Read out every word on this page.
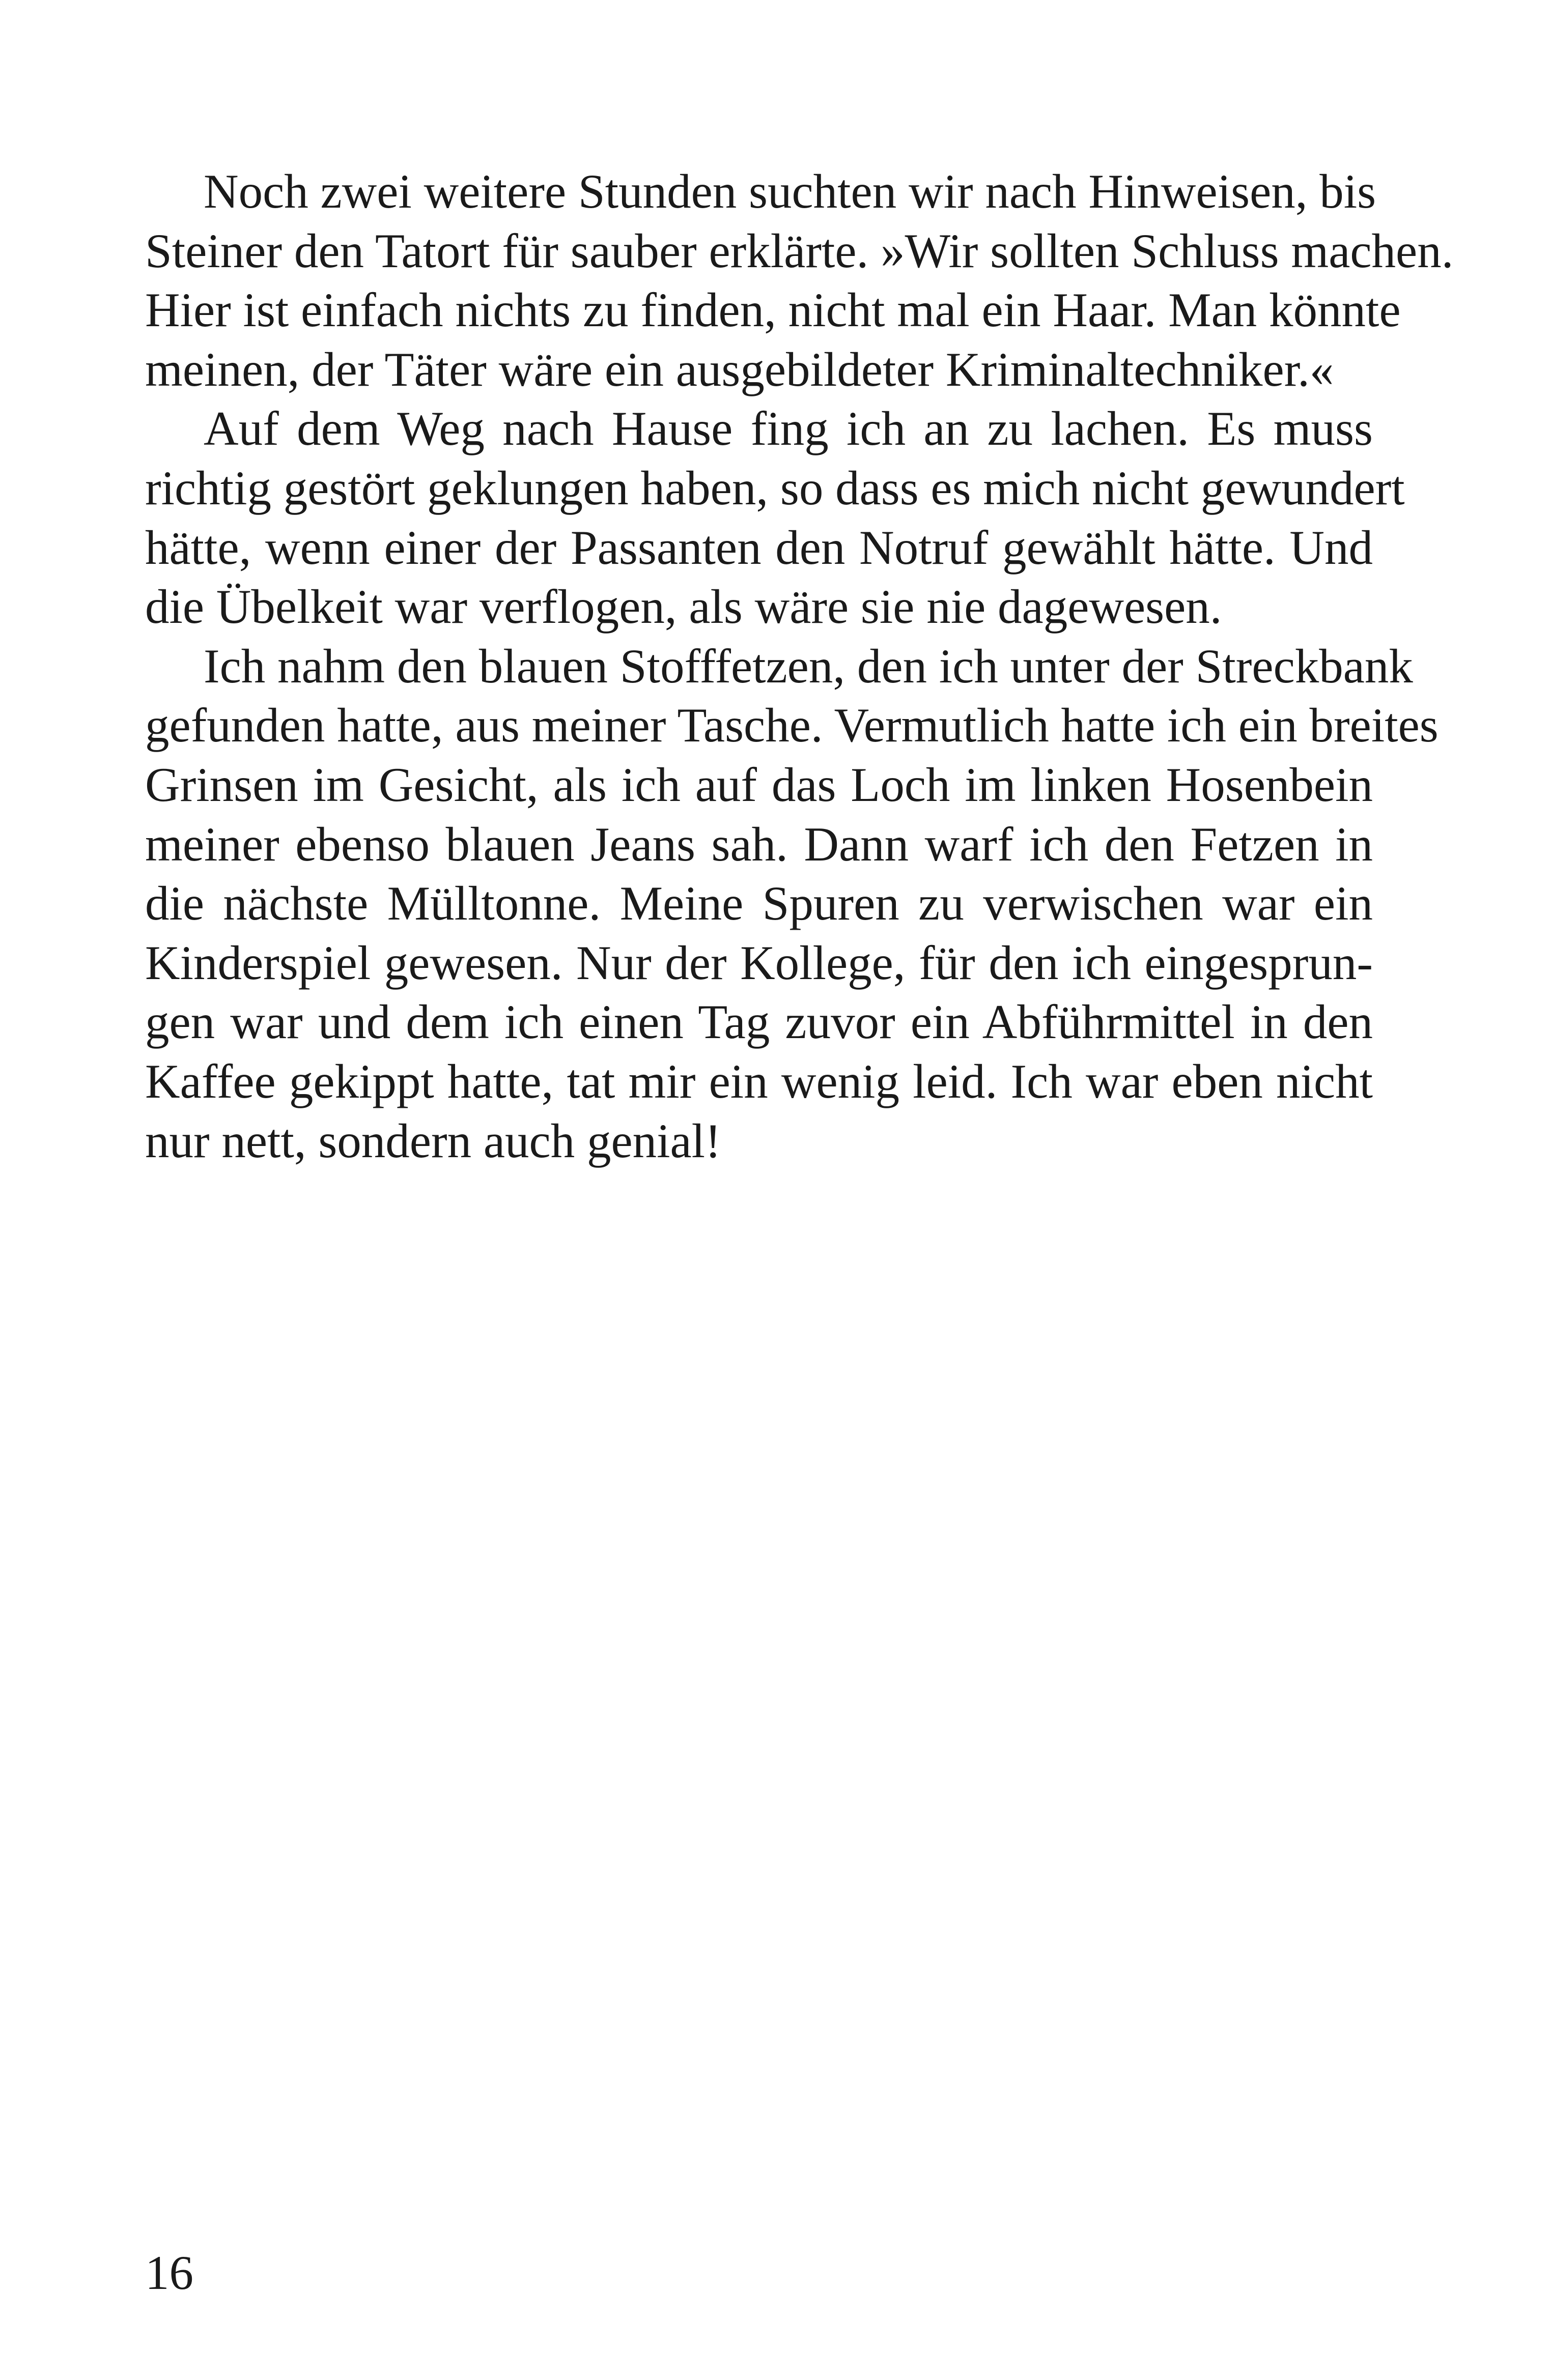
Noch zwei weitere Stunden suchten wir nach Hinweisen, bis
Steiner den Tatort für sauber erklärte. »Wir sollten Schluss machen.
Hier ist einfach nichts zu finden, nicht mal ein Haar. Man könnte
meinen, der Täter wäre ein ausgebildeter Kriminaltechniker.«

Auf dem Weg nach Hause fing ich an zu lachen. Es muss
richtig gestört geklungen haben, so dass es mich nicht gewundert
hätte, wenn einer der Passanten den Notruf gewählt hätte. Und
die Übelkeit war verflogen, als wäre sie nie dagewesen.

Ich nahm den blauen Stofffetzen, den ich unter der Streckbank
gefunden hatte, aus meiner Tasche. Vermutlich hatte ich ein breites
Grinsen im Gesicht, als ich auf das Loch im linken Hosenbein
meiner ebenso blauen Jeans sah. Dann warf ich den Fetzen in
die nächste Mülltonne. Meine Spuren zu verwischen war ein
Kinderspiel gewesen. Nur der Kollege, für den ich eingesprun-
gen war und dem ich einen Tag zuvor ein Abführmittel in den
Kaffee gekippt hatte, tat mir ein wenig leid. Ich war eben nicht
nur nett, sondern auch genial!

16
